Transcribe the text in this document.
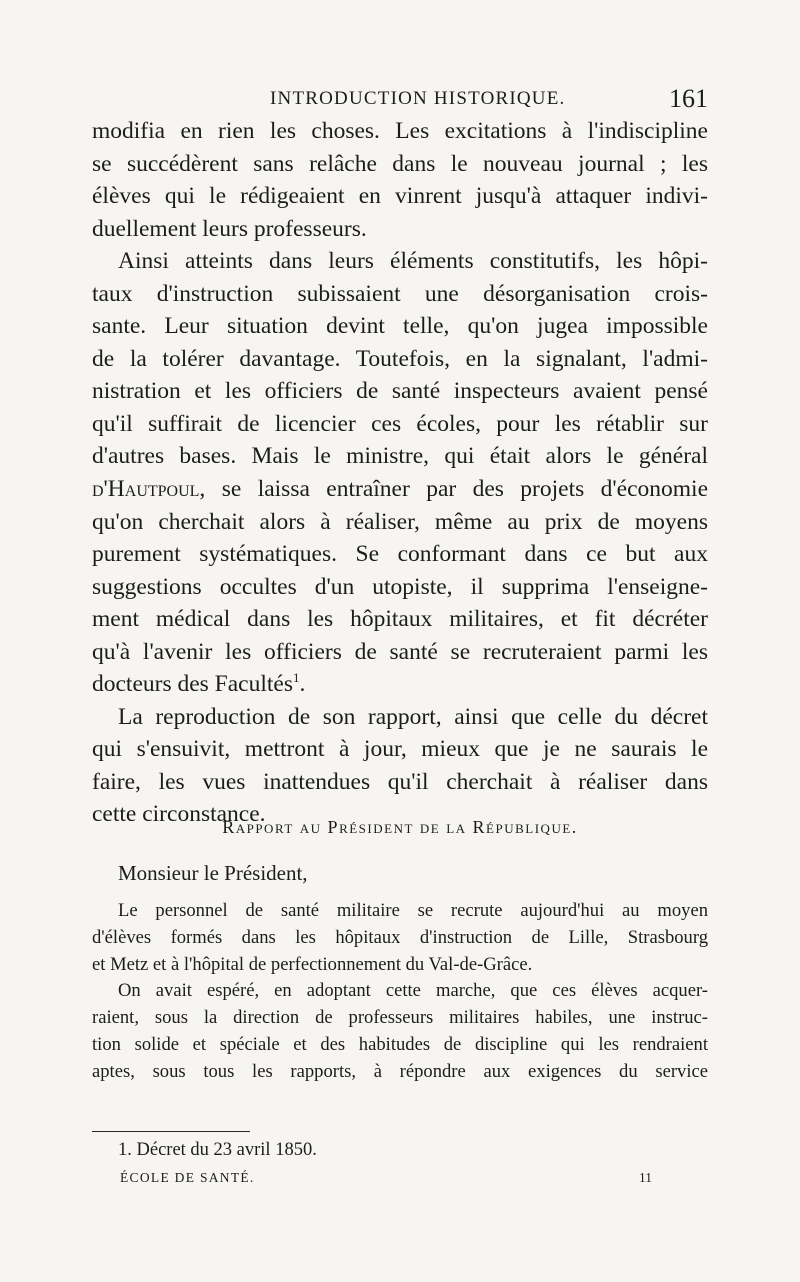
INTRODUCTION HISTORIQUE.	161
modifia en rien les choses. Les excitations à l'indiscipline
se succédèrent sans relâche dans le nouveau journal ; les
élèves qui le rédigeaient en vinrent jusqu'à attaquer indivi-
duellement leurs professeurs.
Ainsi atteints dans leurs éléments constitutifs, les hôpi-
taux d'instruction subissaient une désorganisation crois-
sante. Leur situation devint telle, qu'on jugea impossible
de la tolérer davantage. Toutefois, en la signalant, l'admi-
nistration et les officiers de santé inspecteurs avaient pensé
qu'il suffirait de licencier ces écoles, pour les rétablir sur
d'autres bases. Mais le ministre, qui était alors le général
d'Hautpoul, se laissa entraîner par des projets d'économie
qu'on cherchait alors à réaliser, même au prix de moyens
purement systématiques. Se conformant dans ce but aux
suggestions occultes d'un utopiste, il supprima l'enseigne-
ment médical dans les hôpitaux militaires, et fit décréter
qu'à l'avenir les officiers de santé se recruteraient parmi les
docteurs des Facultés$^1$.
La reproduction de son rapport, ainsi que celle du décret
qui s'ensuivit, mettront à jour, mieux que je ne saurais le
faire, les vues inattendues qu'il cherchait à réaliser dans
cette circonstance.
Rapport au Président de la République.
Monsieur le Président,
Le personnel de santé militaire se recrute aujourd'hui au moyen
d'élèves formés dans les hôpitaux d'instruction de Lille, Strasbourg
et Metz et à l'hôpital de perfectionnement du Val-de-Grâce.
On avait espéré, en adoptant cette marche, que ces élèves acquer-
raient, sous la direction de professeurs militaires habiles, une instruc-
tion solide et spéciale et des habitudes de discipline qui les rendraient
aptes, sous tous les rapports, à répondre aux exigences du service
1. Décret du 23 avril 1850.
ÉCOLE DE SANTÉ.	11
